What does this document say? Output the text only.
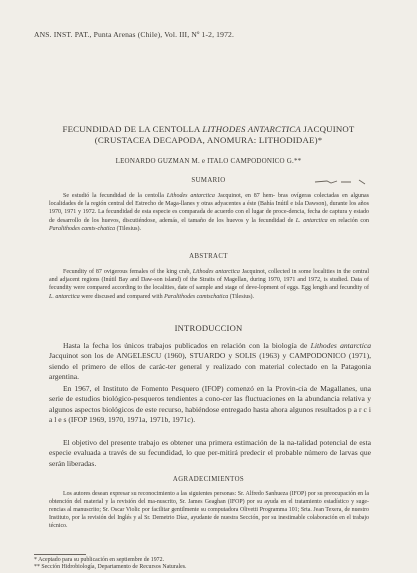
ANS. INST. PAT., Punta Arenas (Chile), Vol. III, Nº 1-2, 1972.
FECUNDIDAD DE LA CENTOLLA LITHODES ANTARCTICA JACQUINOT
(CRUSTACEA DECAPODA, ANOMURA: LITHODIDAE)*
LEONARDO GUZMAN M. e ITALO CAMPODONICO G.**
SUMARIO
Se estudió la fecundidad de la centolla Lithodes antarctica Jacquinot, en 87 hem- bras ovígeras colectadas en algunas localidades de la región central del Estrecho de Maga-llanes y otras adyacentes a éste (Bahía Inútil e isla Dawson), durante los años 1970, 1971 y 1972. La fecundidad de esta especie es comparada de acuerdo con el lugar de proce-dencia, fecha de captura y estado de desarrollo de los huevos, discutiéndose, además, el tamaño de los huevos y la fecundidad de L. antarctica en relación con Paralithodes camts-chatica (Tilesius).
ABSTRACT
Fecundity of 87 ovigerous females of the king crab, Lithodes antarctica Jacquinot, collected in some localities in the central and adjacent regions (Inútil Bay and Daw-son island) of the Straits of Magellan, during 1970, 1971 and 1972, is studied. Data of fecundity were compared according to the localities, date of sample and stage of deve-lopment of eggs. Egg length and fecundity of L. antarctica were discused and compared with Paralithodes camtschatica (Tilesius).
INTRODUCCION
Hasta la fecha los únicos trabajos publicados en relación con la biología de Lithodes antarctica Jacquinot son los de ANGELESCU (1960), STUARDO y SOLIS (1963) y CAMPODONICO (1971), siendo el primero de ellos de carác-ter general y realizado con material colectado en la Patagonia argentina.
En 1967, el Instituto de Fomento Pesquero (IFOP) comenzó en la Provin-cia de Magallanes, una serie de estudios biológico-pesqueros tendientes a cono-cer las fluctuaciones en la abundancia relativa y algunos aspectos biológicos de este recurso, habiéndose entregado hasta ahora algunos resultados p a r c i a l e s (IFOP 1969, 1970, 1971a, 1971b, 1971c).
El objetivo del presente trabajo es obtener una primera estimación de la na-talidad potencial de esta especie evaluada a través de su fecundidad, lo que per-mitirá predecir el probable número de larvas que serán liberadas.
AGRADECIMIENTOS
Los autores desean expresar su reconocimiento a las siguientes personas: Sr. Alfredo Sanhueza (IFOP) por su preocupación en la obtención del material y la revisión del ma-nuscrito, Sr. James Geaghan (IFOP) por su ayuda en el tratamiento estadístico y suge-rencias al manuscrito; Sr. Oscar Violic por facilitar gentilmente su computadora Olivetti Programma 101; Srta. Jean Texera, de nuestro Instituto, por la revisión del Inglés y al Sr. Demetrio Díaz, ayudante de nuestra Sección, por su inestimable colaboración en el trabajo técnico.
* Aceptado para su publicación en septiembre de 1972.
** Sección Hidrobiología, Departamento de Recursos Naturales.
